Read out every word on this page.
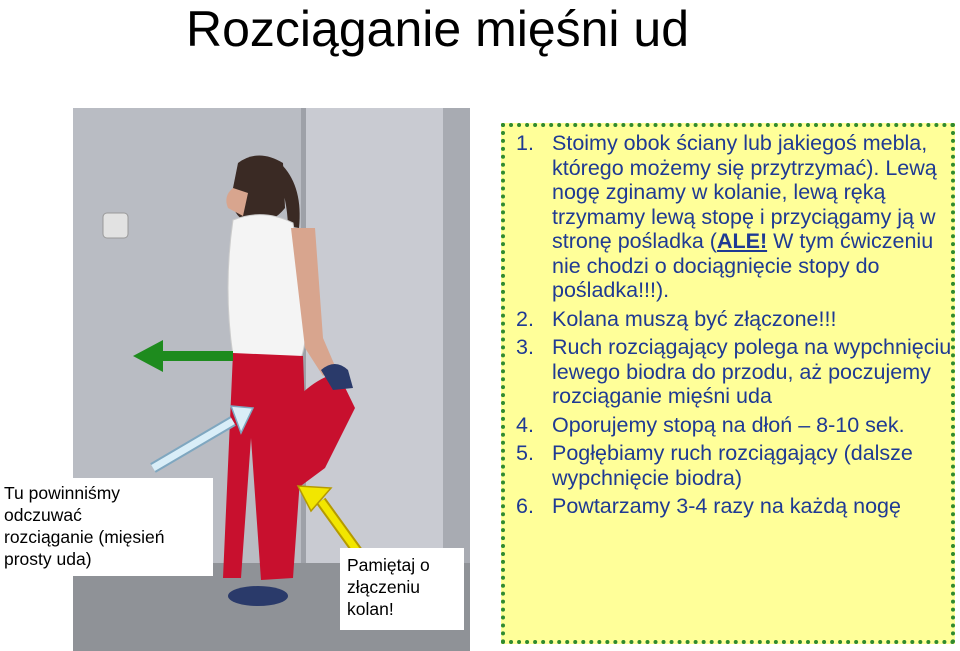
Rozciąganie mięśni ud
Tu powinniśmy
odczuwać
rozciąganie (mięsień
prosty uda)	Pamiętaj o
złączeniu
kolan!
1. Stoimy obok ściany lub jakiegoś mebla, którego możemy się przytrzymać). Lewą nogę zginamy w kolanie, lewą ręką trzymamy lewą stopę i przyciągamy ją w stronę pośladka (ALE! W tym ćwiczeniu nie chodzi o dociągnięcie stopy do pośladka!!!).
2. Kolana muszą być złączone!!!
3. Ruch rozciągający polega na wypchnięciu lewego biodra do przodu, aż poczujemy rozciąganie mięśni uda
4. Oporujemy stopą na dłoń – 8-10 sek.
5. Pogłębiamy ruch rozciągający (dalsze wypchnięcie biodra)
6. Powtarzamy 3-4 razy na każdą nogę
